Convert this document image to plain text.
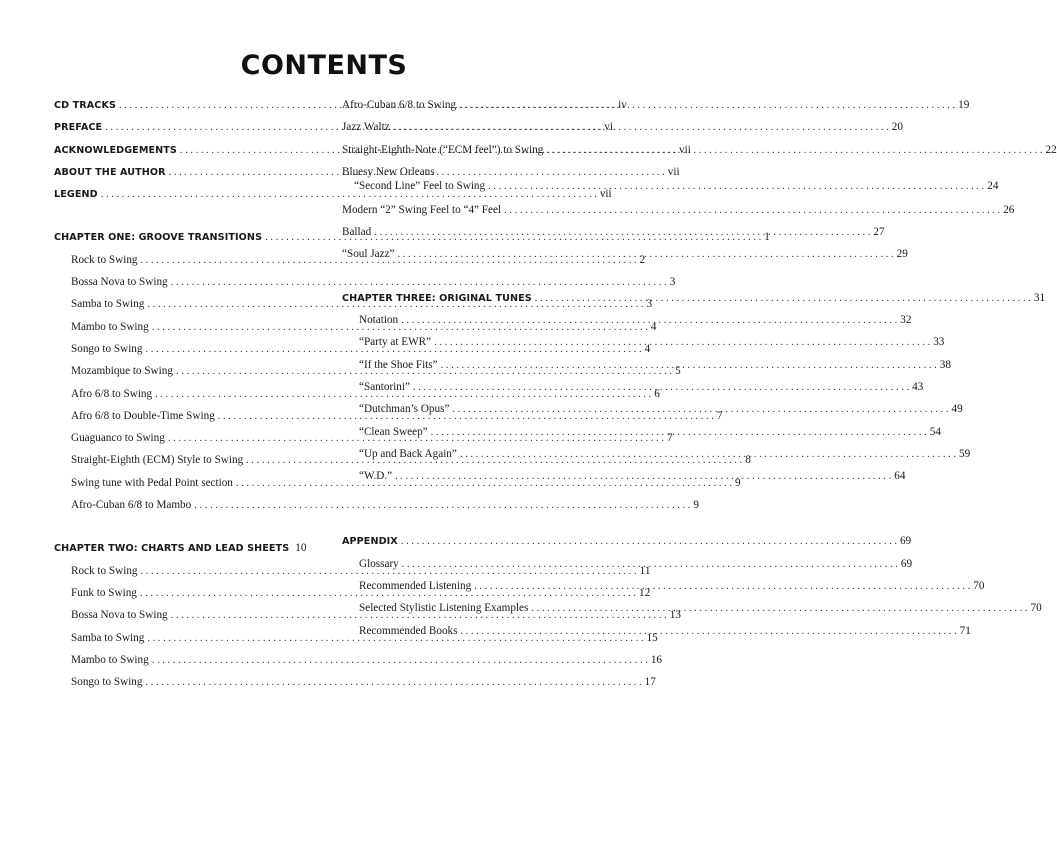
CONTENTS
CD TRACKS . . .	iv
PREFACE . . .	vi
ACKNOWLEDGEMENTS . . .	vii
ABOUT THE AUTHOR . . .	vii
LEGEND . . .	vii
CHAPTER ONE: GROOVE TRANSITIONS . . .	1
Rock to Swing . . .	2
Bossa Nova to Swing . . .	3
Samba to Swing . . .	3
Mambo to Swing . . .	4
Songo to Swing . . .	4
Mozambique to Swing . . .	5
Afro 6/8 to Swing . . .	6
Afro 6/8 to Double-Time Swing . . .	7
Guaguanco to Swing . . .	7
Straight-Eighth (ECM) Style to Swing . . .	8
Swing tune with Pedal Point section . . .	9
Afro-Cuban 6/8 to Mambo . . .	9
CHAPTER TWO: CHARTS AND LEAD SHEETS 10
Rock to Swing . . .	11
Funk to Swing . . .	12
Bossa Nova to Swing . . .	13
Samba to Swing . . .	15
Mambo to Swing . . .	16
Songo to Swing . . .	17
Afro-Cuban 6/8 to Swing . . .	19
Jazz Waltz . . .	20
Straight-Eighth-Note (“ECM feel”) to Swing . . .	22
Bluesy New Orleans
“Second Line” Feel to Swing . . .	24
Modern “2” Swing Feel to “4” Feel . . .	26
Ballad . . .	27
“Soul Jazz” . . .	29
CHAPTER THREE: ORIGINAL TUNES . . .	31
Notation . . .	32
“Party at EWR” . . .	33
“If the Shoe Fits” . . .	38
“Santorini” . . .	43
“Dutchman’s Opus” . . .	49
“Clean Sweep” . . .	54
“Up and Back Again” . . .	59
“W.D.” . . .	64
APPENDIX . . .	69
Glossary . . .	69
Recommended Listening . . .	70
Selected Stylistic Listening Examples . . .	70
Recommended Books . . .	71
